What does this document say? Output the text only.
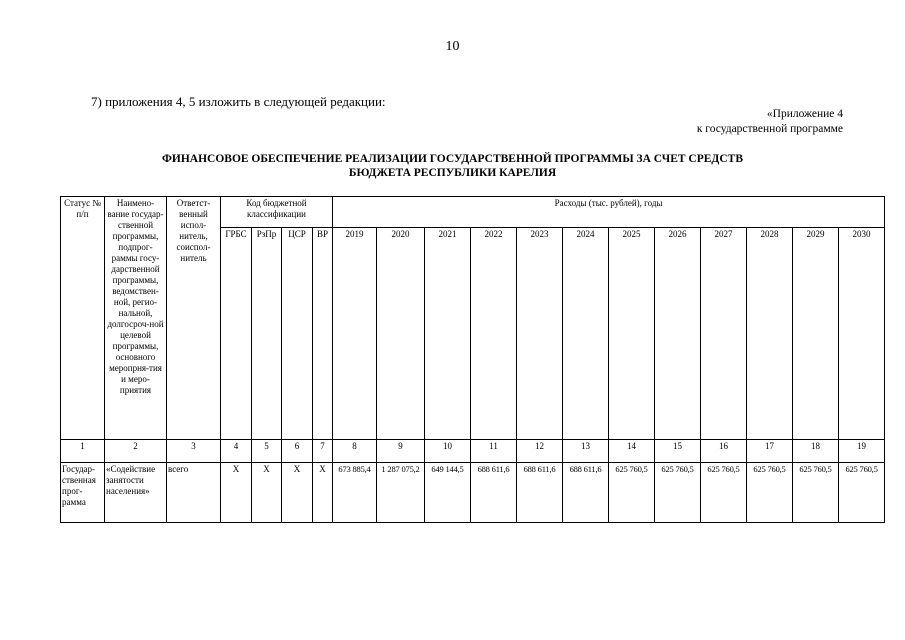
10
7) приложения 4, 5 изложить в следующей редакции:
«Приложение 4
к государственной программе
ФИНАНСОВОЕ ОБЕСПЕЧЕНИЕ РЕАЛИЗАЦИИ ГОСУДАРСТВЕННОЙ ПРОГРАММЫ ЗА СЧЕТ СРЕДСТВ
БЮДЖЕТА РЕСПУБЛИКИ КАРЕЛИЯ
Статус № п/п	Наимено-вание государ-ственной программы, подпрог-раммы госу-дарственной программы, ведомствен-ной, регио-нальной, долгосроч-ной целевой программы, основного меропрня-тия и меро-приятия	Ответст-венный испол-нитель, соиспол-нитель	Код бюджетной классификации				Расходы (тыс. рублей), годы											
			ГРБС	РзПр	ЦСР	ВР	2019	2020	2021	2022	2023	2024	2025	2026	2027	2028	2029	2030
1	2	3	4	5	6	7	8	9	10	11	12	13	14	15	16	17	18	19
Государ-ственная прог-рамма	«Содействие занятости населения»	всего	X	X	X	X	673 885,4	1 287 075,2	649 144,5	688 611,6	688 611,6	688 611,6	625 760,5	625 760,5	625 760,5	625 760,5	625 760,5	625 760,5
